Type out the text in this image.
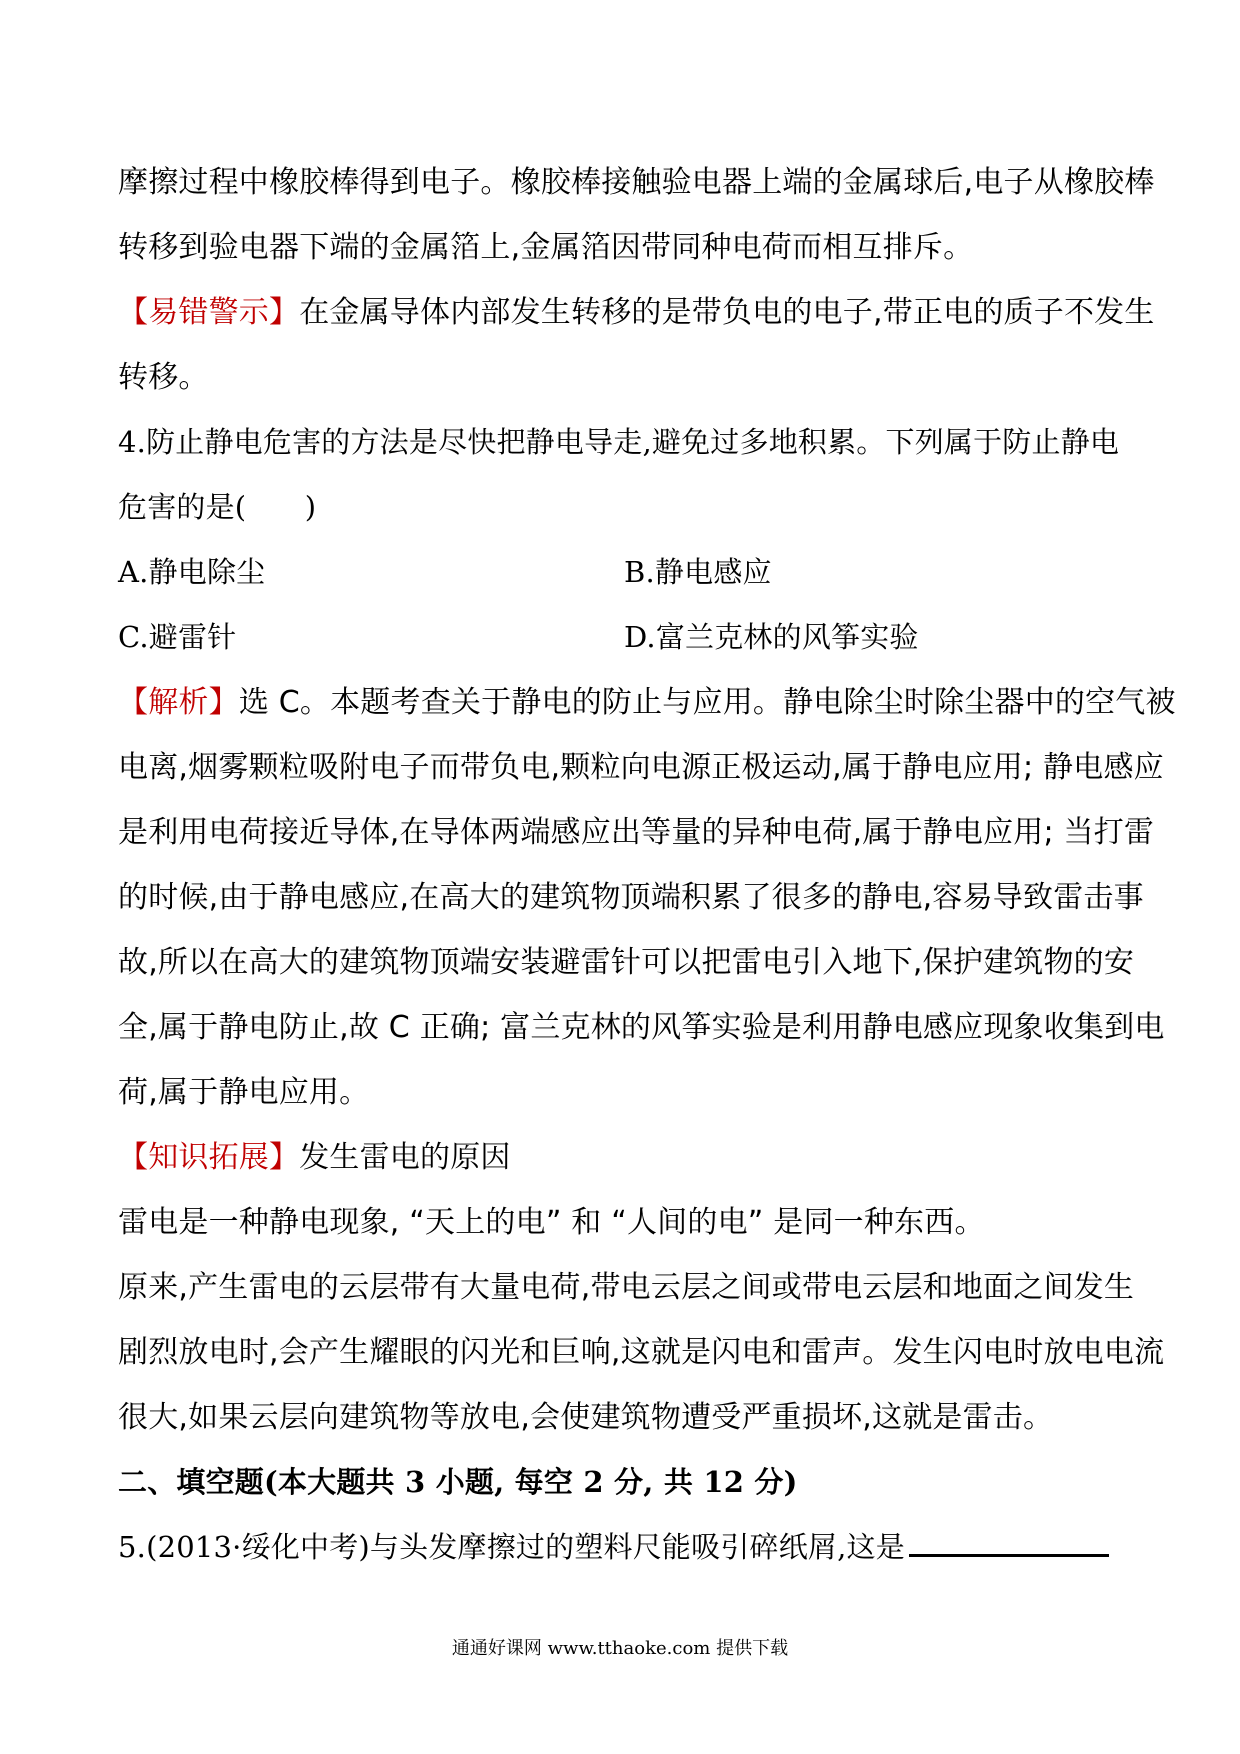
摩擦过程中橡胶棒得到电子。橡胶棒接触验电器上端的金属球后,电子从橡胶棒
转移到验电器下端的金属箔上,金属箔因带同种电荷而相互排斥。
【易错警示】在金属导体内部发生转移的是带负电的电子,带正电的质子不发生
转移。
4.防止静电危害的方法是尽快把静电导走,避免过多地积累。下列属于防止静电
危害的是(　　)
A.静电除尘	B.静电感应
C.避雷针	D.富兰克林的风筝实验
【解析】选 C。本题考查关于静电的防止与应用。静电除尘时除尘器中的空气被
电离,烟雾颗粒吸附电子而带负电,颗粒向电源正极运动,属于静电应用; 静电感应
是利用电荷接近导体,在导体两端感应出等量的异种电荷,属于静电应用; 当打雷
的时候,由于静电感应,在高大的建筑物顶端积累了很多的静电,容易导致雷击事
故,所以在高大的建筑物顶端安装避雷针可以把雷电引入地下,保护建筑物的安
全,属于静电防止,故 C 正确; 富兰克林的风筝实验是利用静电感应现象收集到电
荷,属于静电应用。
【知识拓展】发生雷电的原因
雷电是一种静电现象, “天上的电” 和 “人间的电” 是同一种东西。
原来,产生雷电的云层带有大量电荷,带电云层之间或带电云层和地面之间发生
剧烈放电时,会产生耀眼的闪光和巨响,这就是闪电和雷声。发生闪电时放电电流
很大,如果云层向建筑物等放电,会使建筑物遭受严重损坏,这就是雷击。
二、填空题(本大题共 3 小题, 每空 2 分, 共 12 分)
5.(2013·绥化中考)与头发摩擦过的塑料尺能吸引碎纸屑,这是
通通好课网 www.tthaoke.com 提供下载
